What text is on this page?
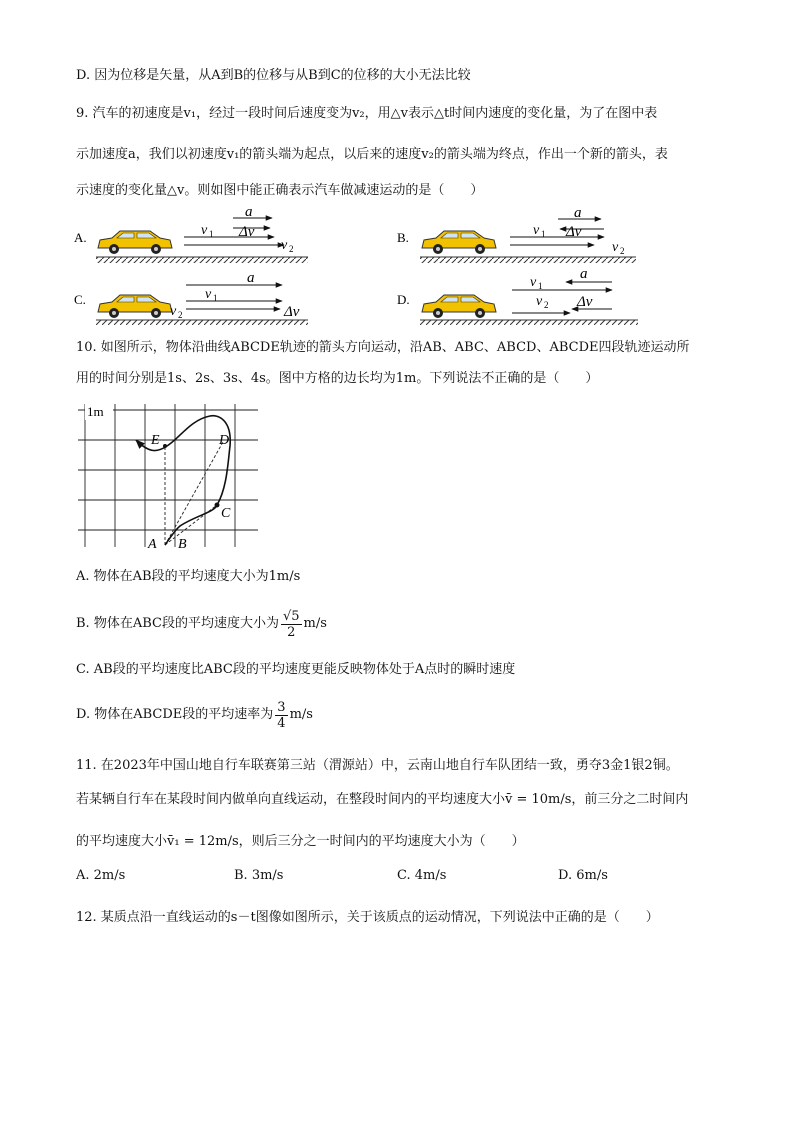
D. 因为位移是矢量，从A到B的位移与从B到C的位移的大小无法比较
9. 汽车的初速度是v₁，经过一段时间后速度变为v₂，用△v表示△t时间内速度的变化量，为了在图中表
示加速度a，我们以初速度v₁的箭头端为起点，以后来的速度v₂的箭头端为终点，作出一个新的箭头，表
示速度的变化量△v。则如图中能正确表示汽车做减速运动的是（　　）
A.	B.
C.	D.
a
Δv
v 1
v 2
a
Δv
v 1
v 2
a
v 1
v 2	Δv
a
v 1
v 2 Δv
10. 如图所示，物体沿曲线ABCDE轨迹的箭头方向运动，沿AB、ABC、ABCD、ABCDE四段轨迹运动所
用的时间分别是1s、2s、3s、4s。图中方格的边长均为1m。下列说法不正确的是（　　）
1m
A B
C
D
E
A. 物体在AB段的平均速度大小为1m/s
B. 物体在ABC段的平均速度大小为 $\frac{√5}{2} m/s$
C. AB段的平均速度比ABC段的平均速度更能反映物体处于A点时的瞬时速度
D. 物体在ABCDE段的平均速率为 $\frac{3}{4} m/s$
11. 在2023年中国山地自行车联赛第三站（渭源站）中，云南山地自行车队团结一致，勇夺3金1银2铜。
若某辆自行车在某段时间内做单向直线运动，在整段时间内的平均速度大小v̄ = 10m/s，前三分之二时间内
的平均速度大小v̄₁ = 12m/s，则后三分之一时间内的平均速度大小为（　　）
A. 2m/s	B. 3m/s	C. 4m/s	D. 6m/s
12. 某质点沿一直线运动的s－t图像如图所示，关于该质点的运动情况，下列说法中正确的是（　　）
